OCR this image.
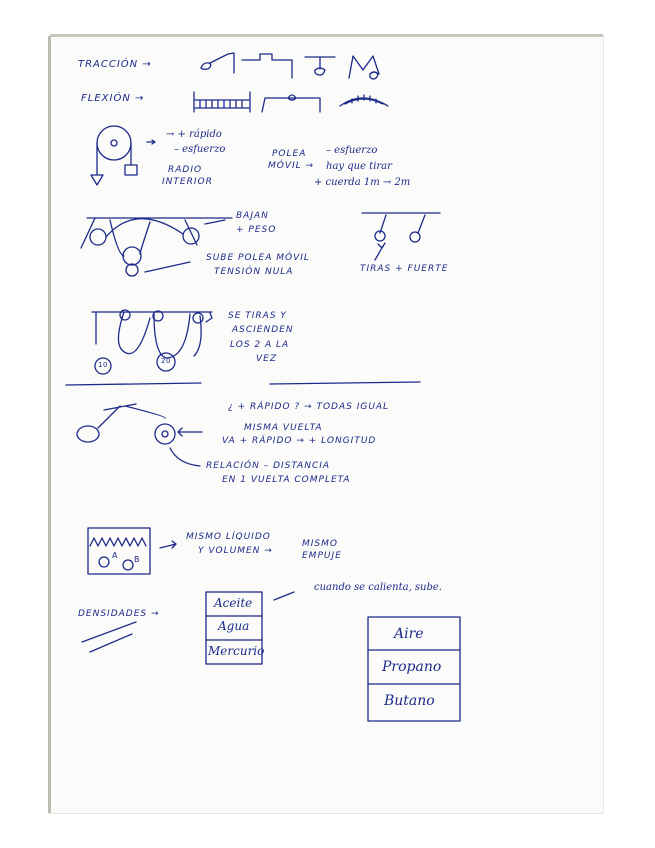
TRACCIÓN →
FLEXIÓN →
→ + rápido
– esfuerzo
RADIO
INTERIOR
POLEA
MÓVIL →
– esfuerzo
hay que tirar
+ cuerda 1m → 2m
BAJAN
+ PESO
SUBE POLEA MÓVIL
TENSIÓN NULA	TIRAS + FUERTE
SE TIRAS Y
ASCIENDEN
LOS 2 A LA
VEZ
10	20
¿ + RÁPIDO ? → TODAS IGUAL
MISMA VUELTA
VA + RÁPIDO → + LONGITUD
RELACIÓN – DISTANCIA
EN 1 VUELTA COMPLETA
MISMO LÍQUIDO
Y VOLUMEN →
MISMO
EMPUJE
A B
cuando se calienta, sube.
DENSIDADES →
Aceite
Agua
Mercurio
Aire
Propano
Butano
